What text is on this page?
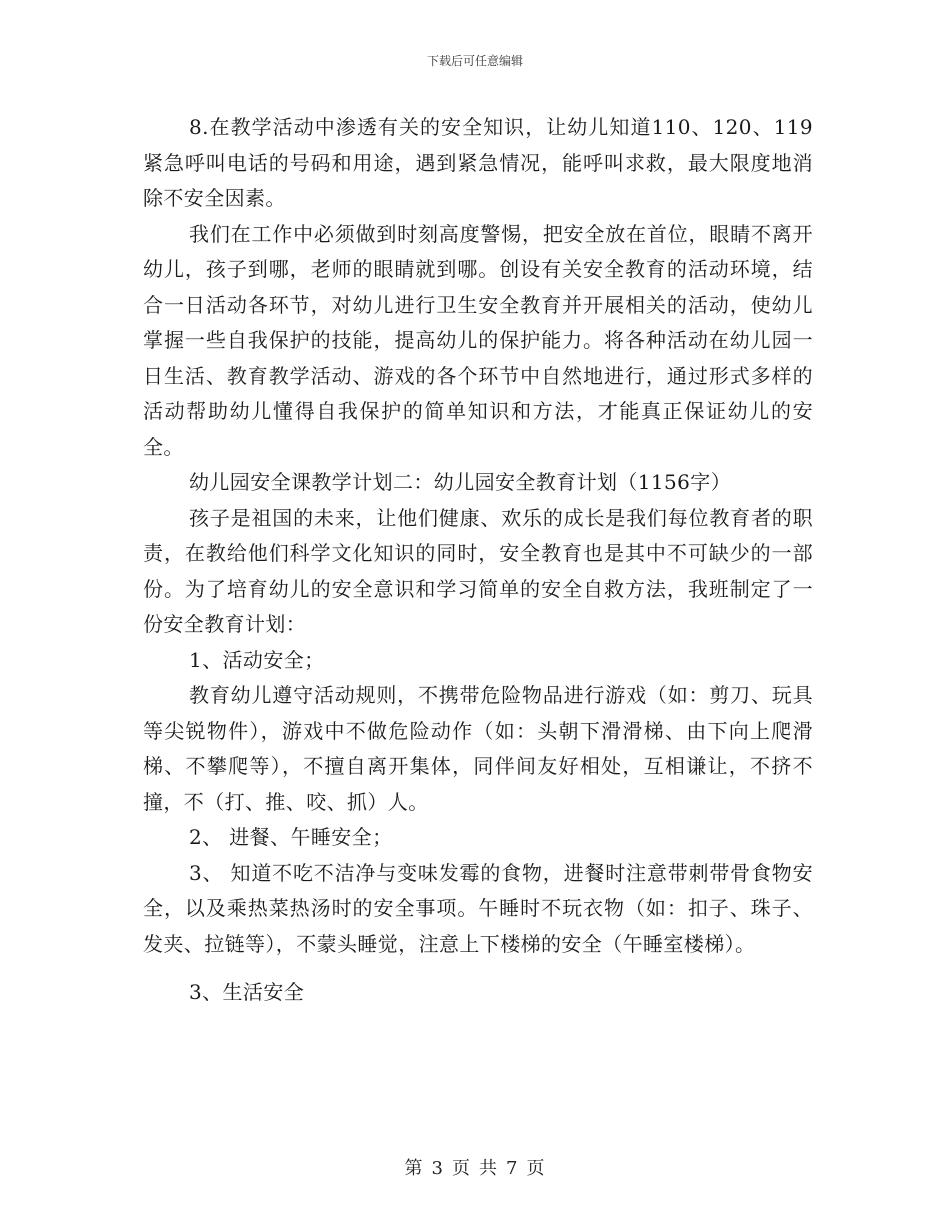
下载后可任意编辑

8.在教学活动中渗透有关的安全知识，让幼儿知道110、120、119紧急呼叫电话的号码和用途，遇到紧急情况，能呼叫求救，最大限度地消除不安全因素。

我们在工作中必须做到时刻高度警惕，把安全放在首位，眼睛不离开幼儿，孩子到哪，老师的眼睛就到哪。创设有关安全教育的活动环境，结合一日活动各环节，对幼儿进行卫生安全教育并开展相关的活动，使幼儿掌握一些自我保护的技能，提高幼儿的保护能力。将各种活动在幼儿园一日生活、教育教学活动、游戏的各个环节中自然地进行，通过形式多样的活动帮助幼儿懂得自我保护的简单知识和方法，才能真正保证幼儿的安全。

幼儿园安全课教学计划二：幼儿园安全教育计划（1156字）

孩子是祖国的未来，让他们健康、欢乐的成长是我们每位教育者的职责，在教给他们科学文化知识的同时，安全教育也是其中不可缺少的一部份。为了培育幼儿的安全意识和学习简单的安全自救方法，我班制定了一份安全教育计划：

1、活动安全；

教育幼儿遵守活动规则，不携带危险物品进行游戏（如：剪刀、玩具等尖锐物件），游戏中不做危险动作（如：头朝下滑滑梯、由下向上爬滑梯、不攀爬等），不擅自离开集体，同伴间友好相处，互相谦让，不挤不撞，不（打、推、咬、抓）人。

2、 进餐、午睡安全；

3、 知道不吃不洁净与变味发霉的食物，进餐时注意带刺带骨食物安全，以及乘热菜热汤时的安全事项。午睡时不玩衣物（如：扣子、珠子、发夹、拉链等），不蒙头睡觉，注意上下楼梯的安全（午睡室楼梯）。

3、生活安全

第 3 页 共 7 页
